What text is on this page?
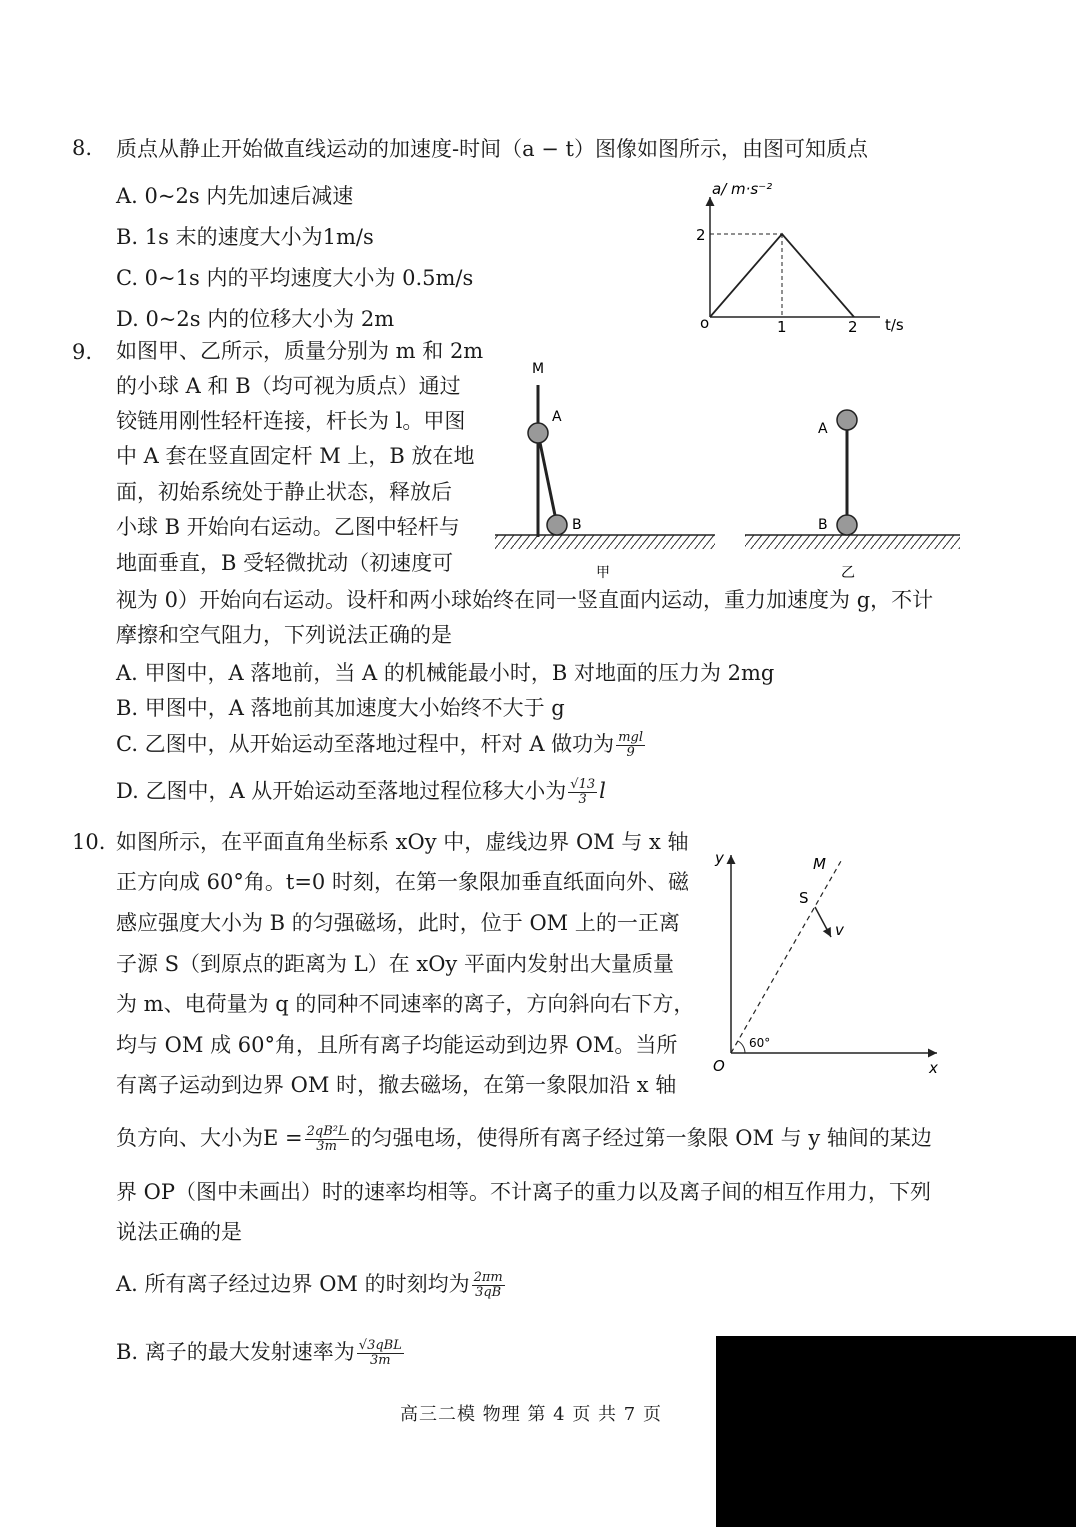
8. 质点从静止开始做直线运动的加速度-时间（a − t）图像如图所示，由图可知质点
A. 0~2s 内先加速后减速
B. 1s 末的速度大小为1m/s
C. 0~1s 内的平均速度大小为 0.5m/s
D. 0~2s 内的位移大小为 2m
a/ m·s⁻²
2
o	1	2 t/s
9. 如图甲、乙所示，质量分别为 m 和 2m
的小球 A 和 B（均可视为质点）通过
铰链用刚性轻杆连接，杆长为 l。甲图
中 A 套在竖直固定杆 M 上，B 放在地
面，初始系统处于静止状态，释放后
小球 B 开始向右运动。乙图中轻杆与
地面垂直，B 受轻微扰动（初速度可
视为 0）开始向右运动。设杆和两小球始终在同一竖直面内运动，重力加速度为 g，不计
摩擦和空气阻力，下列说法正确的是
A. 甲图中，A 落地前，当 A 的机械能最小时，B 对地面的压力为 2mg
B. 甲图中，A 落地前其加速度大小始终不大于 g
C. 乙图中，从开始运动至落地过程中，杆对 A 做功为 $\frac{\text{mgl}}{9}$
D. 乙图中，A 从开始运动至落地过程位移大小为 $\frac{√13}{3}$ l
M
A
B
甲
A
B
乙
10. 如图所示，在平面直角坐标系 xOy 中，虚线边界 OM 与 x 轴
正方向成 60°角。t=0 时刻，在第一象限加垂直纸面向外、磁
感应强度大小为 B 的匀强磁场，此时，位于 OM 上的一正离
子源 S（到原点的距离为 L）在 xOy 平面内发射出大量质量
为 m、电荷量为 q 的同种不同速率的离子，方向斜向右下方，
均与 OM 成 60°角，且所有离子均能运动到边界 OM。当所
有离子运动到边界 OM 时，撤去磁场，在第一象限加沿 x 轴
负方向、大小为$E = \frac{\text{2qB²L}}{3m}$ 的匀强电场，使得所有离子经过第一象限 OM 与 y 轴间的某边
界 OP（图中未画出）时的速率均相等。不计离子的重力以及离子间的相互作用力，下列
说法正确的是
A. 所有离子经过边界 OM 的时刻均为 $\frac{2\pi m}{3qB}$
B. 离子的最大发射速率为 $\frac{\text{√3qBL}}{3m}$
y
x
O
M
S
v
60°
高三二模 物理 第 4 页 共 7 页
